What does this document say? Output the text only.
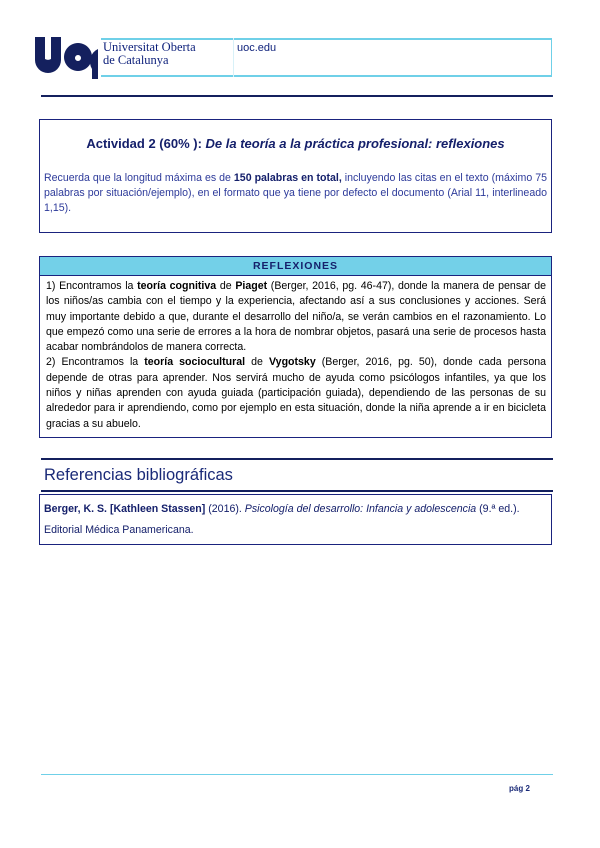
Universitat Oberta
de Catalunya
uoc.edu
Actividad 2 (60% ): De la teoría a la práctica profesional: reflexiones
Recuerda que la longitud máxima es de 150 palabras en total, incluyendo las citas en el texto (máximo 75 palabras por situación/ejemplo), en el formato que ya tiene por defecto el documento (Arial 11, interlineado 1,15).
REFLEXIONES
1) Encontramos la teoría cognitiva de Piaget (Berger, 2016, pg. 46-47), donde la manera de pensar de los niños/as cambia con el tiempo y la experiencia, afectando así a sus conclusiones y acciones. Será muy importante debido a que, durante el desarrollo del niño/a, se verán cambios en el razonamiento. Lo que empezó como una serie de errores a la hora de nombrar objetos, pasará una serie de procesos hasta acabar nombrándolos de manera correcta.
2) Encontramos la teoría sociocultural de Vygotsky (Berger, 2016, pg. 50), donde cada persona depende de otras para aprender. Nos servirá mucho de ayuda como psicólogos infantiles, ya que los niños y niñas aprenden con ayuda guiada (participación guiada), dependiendo de las personas de su alrededor para ir aprendiendo, como por ejemplo en esta situación, donde la niña aprende a ir en bicicleta gracias a su abuelo.
Referencias bibliográficas
Berger, K. S. [Kathleen Stassen] (2016). Psicología del desarrollo: Infancia y adolescencia (9.ª ed.).
Editorial Médica Panamericana.
pág 2
